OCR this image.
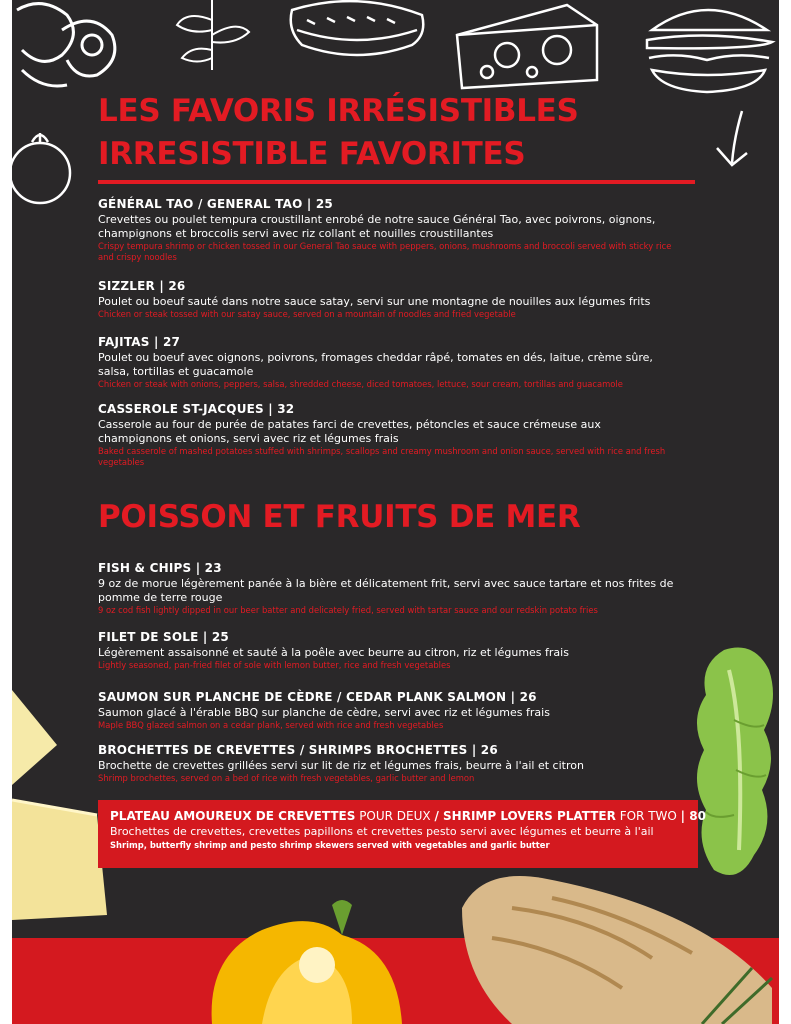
LES FAVORIS IRRÉSISTIBLES
IRRESISTIBLE FAVORITES
GÉNÉRAL TAO / GENERAL TAO | 25
Crevettes ou poulet tempura croustillant enrobé de notre sauce Général Tao, avec poivrons, oignons, champignons et broccolis servi avec riz collant et nouilles croustillantes
Crispy tempura shrimp or chicken tossed in our General Tao sauce with peppers, onions, mushrooms and broccoli served with sticky rice and crispy noodles
SIZZLER | 26
Poulet ou boeuf sauté dans notre sauce satay, servi sur une montagne de nouilles aux légumes frits
Chicken or steak tossed with our satay sauce, served on a mountain of noodles and fried vegetable
FAJITAS | 27
Poulet ou boeuf avec oignons, poivrons, fromages cheddar râpé, tomates en dés, laitue, crème sûre, salsa, tortillas et guacamole
Chicken or steak with onions, peppers, salsa, shredded cheese, diced tomatoes, lettuce, sour cream, tortillas and guacamole
CASSEROLE ST-JACQUES | 32
Casserole au four de purée de patates farci de crevettes, pétoncles et sauce crémeuse aux champignons et onions, servi avec riz et légumes frais
Baked casserole of mashed potatoes stuffed with shrimps, scallops and creamy mushroom and onion sauce, served with rice and fresh vegetables
POISSON ET FRUITS DE MER
FISH & CHIPS | 23
9 oz de morue légèrement panée à la bière et délicatement frit, servi avec sauce tartare et nos frites de pomme de terre rouge
9 oz cod fish lightly dipped in our beer batter and delicately fried, served with tartar sauce and our redskin potato fries
FILET DE SOLE | 25
Légèrement assaisonné et sauté à la poêle avec beurre au citron, riz et légumes frais
Lightly seasoned, pan-fried filet of sole with lemon butter, rice and fresh vegetables
SAUMON SUR PLANCHE DE CÈDRE / CEDAR PLANK SALMON | 26
Saumon glacé à l'érable BBQ sur planche de cèdre, servi avec riz et légumes frais
Maple BBQ glazed salmon on a cedar plank, served with rice and fresh vegetables
BROCHETTES DE CREVETTES / SHRIMPS BROCHETTES | 26
Brochette de crevettes grillées servi sur lit de riz et légumes frais, beurre à l'ail et citron
Shrimp brochettes, served on a bed of rice with fresh vegetables, garlic butter and lemon
PLATEAU AMOUREUX DE CREVETTES POUR DEUX / SHRIMP LOVERS PLATTER FOR TWO | 80
Brochettes de crevettes, crevettes papillons et crevettes pesto servi avec légumes et beurre à l'ail
Shrimp, butterfly shrimp and pesto shrimp skewers served with vegetables and garlic butter
